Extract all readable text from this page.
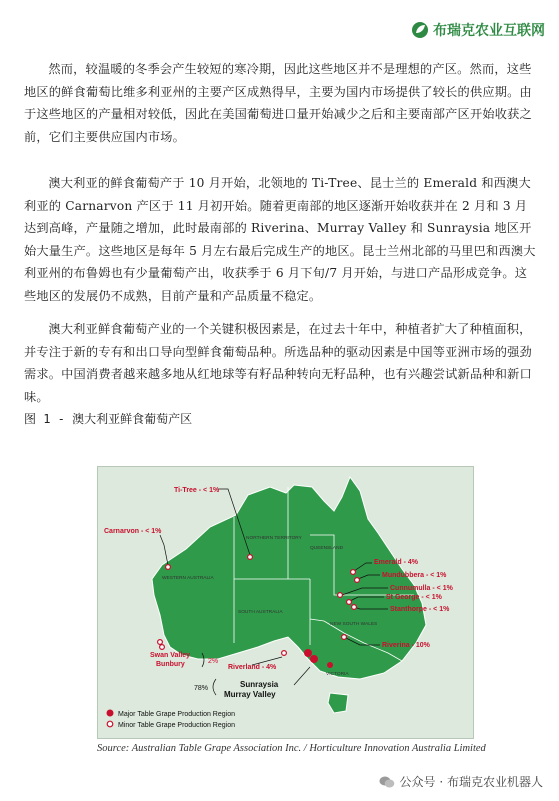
布瑞克农业互联网

然而，较温暖的冬季会产生较短的寒冷期，因此这些地区并不是理想的产区。然而，这些地区的鲜食葡萄比维多利亚州的主要产区成熟得早，主要为国内市场提供了较长的供应期。由于这些地区的产量相对较低，因此在美国葡萄进口量开始减少之后和主要南部产区开始收获之前，它们主要供应国内市场。

澳大利亚的鲜食葡萄产于 10 月开始，北领地的 Ti-Tree、昆士兰的 Emerald 和西澳大利亚的 Carnarvon 产区于 11 月初开始。随着更南部的地区逐渐开始收获并在 2 月和 3 月达到高峰，产量随之增加，此时最南部的 Riverina、Murray Valley 和 Sunraysia 地区开始大量生产。这些地区是每年 5 月左右最后完成生产的地区。昆士兰州北部的马里巴和西澳大利亚州的布鲁姆也有少量葡萄产出，收获季于 6 月下旬/7 月开始，与进口产品形成竞争。这些地区的发展仍不成熟，目前产量和产品质量不稳定。

澳大利亚鲜食葡萄产业的一个关键积极因素是，在过去十年中，种植者扩大了种植面积，并专注于新的专有和出口导向型鲜食葡萄品种。所选品种的驱动因素是中国等亚洲市场的强劲需求。中国消费者越来越多地从红地球等有籽品种转向无籽品种，也有兴趣尝试新品种和新口味。

图 1 - 澳大利亚鲜食葡萄产区
NORTHERN TERRITORY
QUEENSLAND
WESTERN AUSTRALIA
SOUTH AUSTRALIA
NEW SOUTH WALES
VICTORIA
Ti-Tree - < 1%
Carnarvon - < 1%
Emerald - 4%
Mundubbera - < 1%
Cunnumulla - < 1%
St George - < 1%
Stanthorpe - < 1%
Riverina - 10%
Riverland - 4%
Swan Valley
Bunbury	2%
Sunraysia
Murray Valley
78%
Major Table Grape Production Region
Minor Table Grape Production Region
Source: Australian Table Grape Association Inc. / Horticulture Innovation Australia Limited
公众号 · 布瑞克农业机器人
